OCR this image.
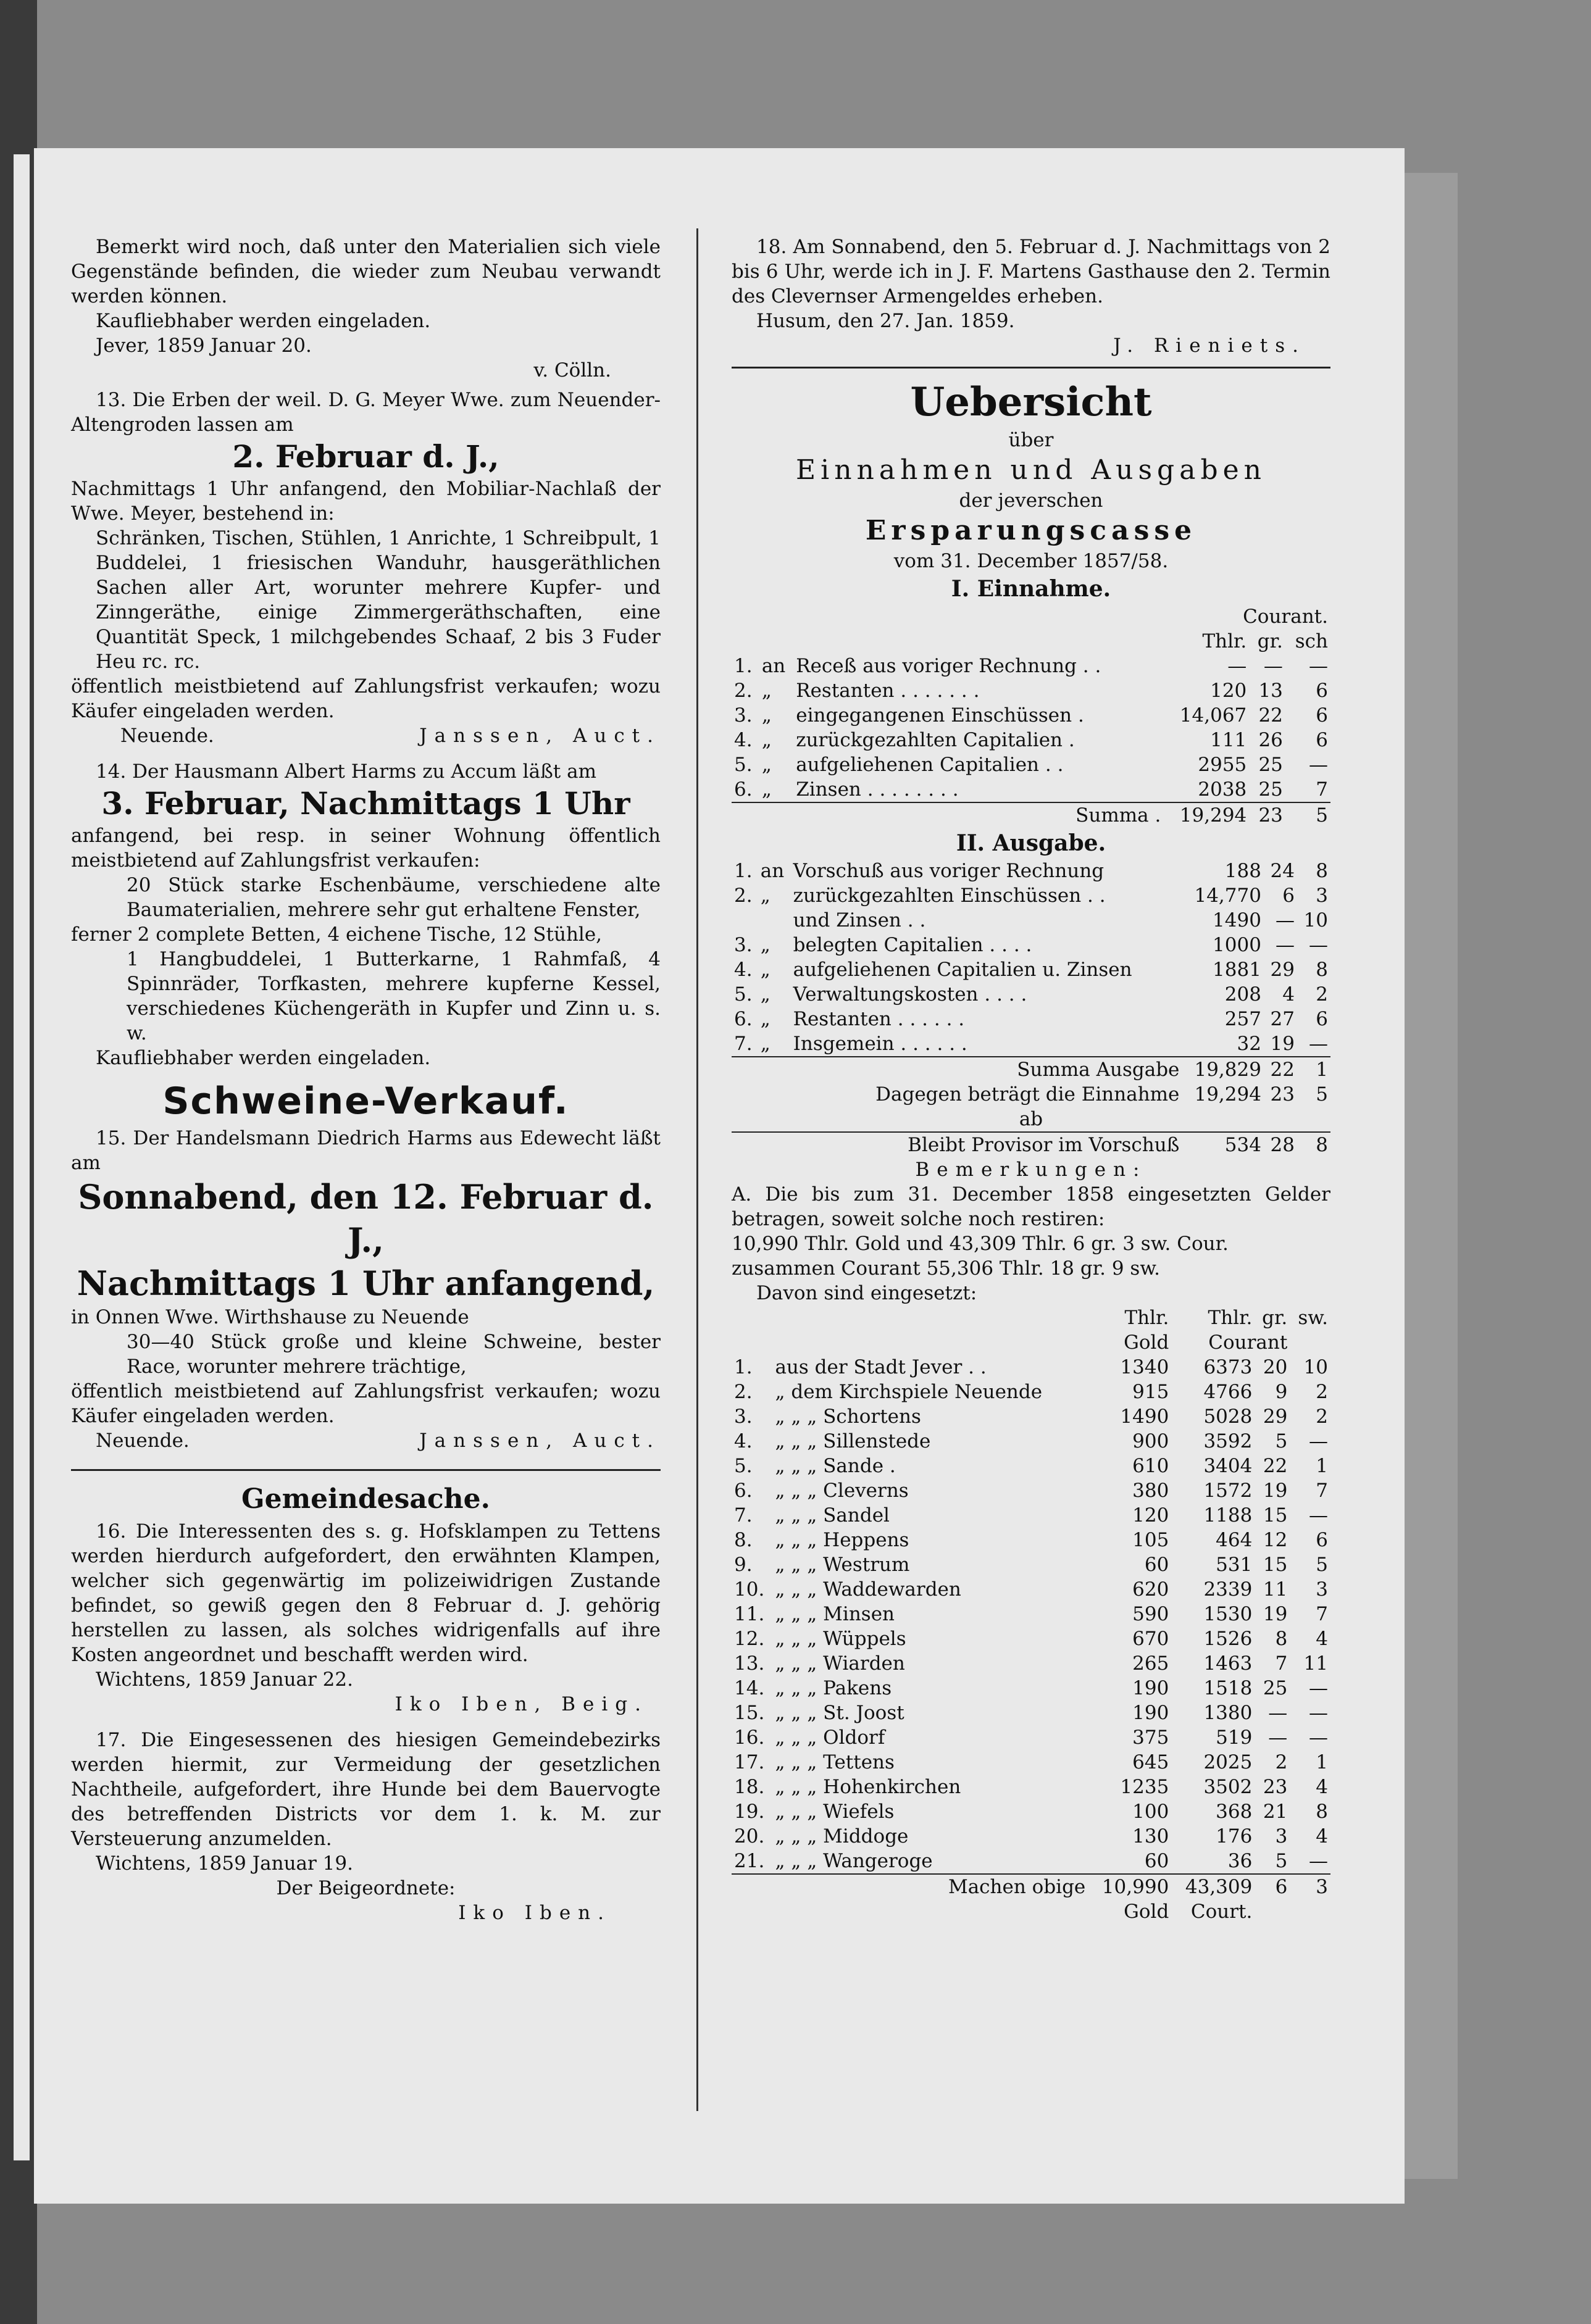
Bemerkt wird noch, daß unter den Materialien sich viele Gegenstände befinden, die wieder zum Neubau verwandt werden können.

Kaufliebhaber werden eingeladen.

Jever, 1859 Januar 20.

v. Cölln.

13. Die Erben der weil. D. G. Meyer Wwe. zum Neuender-Altengroden lassen am

2. Februar d. J.,

Nachmittags 1 Uhr anfangend, den Mobiliar-Nachlaß der Wwe. Meyer, bestehend in:

Schränken, Tischen, Stühlen, 1 Anrichte, 1 Schreibpult, 1 Buddelei, 1 friesischen Wanduhr, hausgeräthlichen Sachen aller Art, worunter mehrere Kupfer- und Zinngeräthe, einige Zimmergeräthschaften, eine Quantität Speck, 1 milchgebendes Schaaf, 2 bis 3 Fuder Heu rc. rc.

öffentlich meistbietend auf Zahlungsfrist verkaufen; wozu Käufer eingeladen werden.

Neuende.	Janssen, Auct.

14. Der Hausmann Albert Harms zu Accum läßt am

3. Februar, Nachmittags 1 Uhr

anfangend, bei resp. in seiner Wohnung öffentlich meistbietend auf Zahlungsfrist verkaufen:

20 Stück starke Eschenbäume, verschiedene alte Baumaterialien, mehrere sehr gut erhaltene Fenster,

ferner 2 complete Betten, 4 eichene Tische, 12 Stühle,

1 Hangbuddelei, 1 Butterkarne, 1 Rahmfaß, 4 Spinnräder, Torfkasten, mehrere kupferne Kessel, verschiedenes Küchengeräth in Kupfer und Zinn u. s. w.

Kaufliebhaber werden eingeladen.

Schweine-Verkauf.

15. Der Handelsmann Diedrich Harms aus Edewecht läßt am

Sonnabend, den 12. Februar d. J.,

Nachmittags 1 Uhr anfangend,

in Onnen Wwe. Wirthshause zu Neuende

30—40 Stück große und kleine Schweine, bester Race, worunter mehrere trächtige,

öffentlich meistbietend auf Zahlungsfrist verkaufen; wozu Käufer eingeladen werden.

Neuende.	Janssen, Auct.

Gemeindesache.

16. Die Interessenten des s. g. Hofsklampen zu Tettens werden hierdurch aufgefordert, den erwähnten Klampen, welcher sich gegenwärtig im polizeiwidrigen Zustande befindet, so gewiß gegen den 8 Februar d. J. gehörig herstellen zu lassen, als solches widrigenfalls auf ihre Kosten angeordnet und beschafft werden wird.

Wichtens, 1859 Januar 22.

Iko Iben, Beig.

17. Die Eingesessenen des hiesigen Gemeindebezirks werden hiermit, zur Vermeidung der gesetzlichen Nachtheile, aufgefordert, ihre Hunde bei dem Bauervogte des betreffenden Districts vor dem 1. k. M. zur Versteuerung anzumelden.

Wichtens, 1859 Januar 19.

Der Beigeordnete:

Iko Iben.

18. Am Sonnabend, den 5. Februar d. J. Nachmittags von 2 bis 6 Uhr, werde ich in J. F. Martens Gasthause den 2. Termin des Clevernser Armengeldes erheben.

Husum, den 27. Jan. 1859.

J. Rieniets.

Uebersicht

über

Einnahmen und Ausgaben

der jeverschen

Ersparungscasse

vom 31. December 1857/58.

I. Einnahme.

			Courant.		
			Thlr.	gr.	sch
1.	an	Receß aus voriger Rechnung . .	—	—	—
2.	„	Restanten . . . . . . .	120	13	6
3.	„	eingegangenen Einschüssen .	14,067	22	6
4.	„	zurückgezahlten Capitalien .	111	26	6
5.	„	aufgeliehenen Capitalien . .	2955	25	—
6.	„	Zinsen . . . . . . . .	2038	25	7
		Summa .	19,294	23	5

II. Ausgabe.

1.	an	Vorschuß aus voriger Rechnung	188	24	8
2.	„	zurückgezahlten Einschüssen . .	14,770	6	3
		und Zinsen . .	1490	—	10
3.	„	belegten Capitalien . . . .	1000	—	—
4.	„	aufgeliehenen Capitalien u. Zinsen	1881	29	8
5.	„	Verwaltungskosten . . . .	208	4	2
6.	„	Restanten . . . . . .	257	27	6
7.	„	Insgemein . . . . . .	32	19	—
Summa Ausgabe			19,829	22	1
Dagegen beträgt die Einnahme			19,294	23	5
ab					
Bleibt Provisor im Vorschuß			534	28	8

Bemerkungen:

A. Die bis zum 31. December 1858 eingesetzten Gelder betragen, soweit solche noch restiren:

10,990 Thlr. Gold und 43,309 Thlr. 6 gr. 3 sw. Cour.

zusammen Courant 55,306 Thlr. 18 gr. 9 sw.

Davon sind eingesetzt:

		Thlr.	Thlr.	gr.	sw.
		Gold	Courant		
1.	aus der Stadt Jever . .	1340	6373	20	10
2.	„ dem Kirchspiele Neuende	915	4766	9	2
3.	„ „ „ Schortens	1490	5028	29	2
4.	„ „ „ Sillenstede	900	3592	5	—
5.	„ „ „ Sande .	610	3404	22	1
6.	„ „ „ Cleverns	380	1572	19	7
7.	„ „ „ Sandel	120	1188	15	—
8.	„ „ „ Heppens	105	464	12	6
9.	„ „ „ Westrum	60	531	15	5
10.	„ „ „ Waddewarden	620	2339	11	3
11.	„ „ „ Minsen	590	1530	19	7
12.	„ „ „ Wüppels	670	1526	8	4
13.	„ „ „ Wiarden	265	1463	7	11
14.	„ „ „ Pakens	190	1518	25	—
15.	„ „ „ St. Joost	190	1380	—	—
16.	„ „ „ Oldorf	375	519	—	—
17.	„ „ „ Tettens	645	2025	2	1
18.	„ „ „ Hohenkirchen	1235	3502	23	4
19.	„ „ „ Wiefels	100	368	21	8
20.	„ „ „ Middoge	130	176	3	4
21.	„ „ „ Wangeroge	60	36	5	—
Machen obige		10,990	43,309	6	3
		Gold	Court.		
